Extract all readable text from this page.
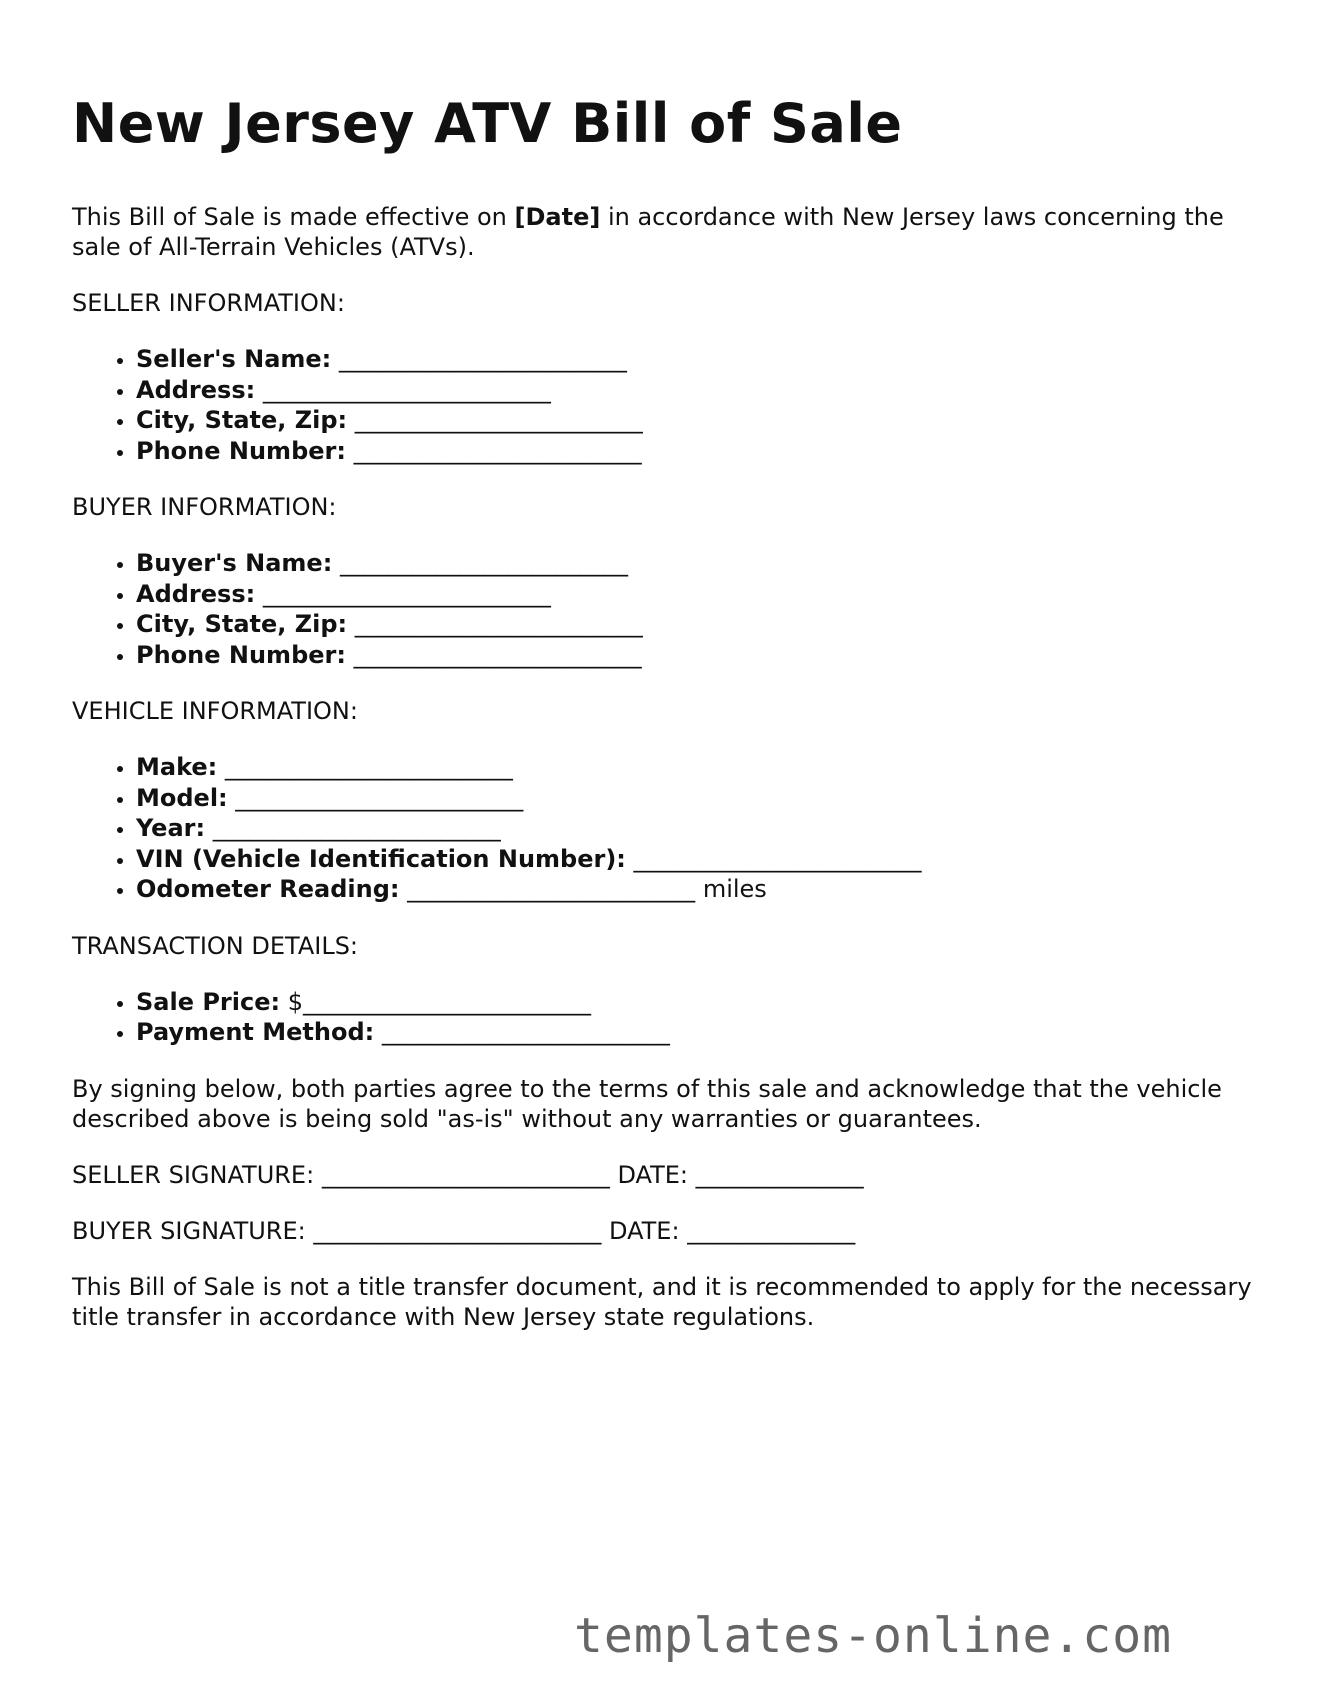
New Jersey ATV Bill of Sale

This Bill of Sale is made effective on [Date] in accordance with New Jersey laws concerning the sale of All-Terrain Vehicles (ATVs).

SELLER INFORMATION:

• Seller's Name: ________________________
• Address: ________________________
• City, State, Zip: ________________________
• Phone Number: ________________________

BUYER INFORMATION:

• Buyer's Name: ________________________
• Address: ________________________
• City, State, Zip: ________________________
• Phone Number: ________________________

VEHICLE INFORMATION:

• Make: ________________________
• Model: ________________________
• Year: ________________________
• VIN (Vehicle Identification Number): ________________________
• Odometer Reading: ________________________ miles

TRANSACTION DETAILS:

• Sale Price: $________________________
• Payment Method: ________________________

By signing below, both parties agree to the terms of this sale and acknowledge that the vehicle described above is being sold "as-is" without any warranties or guarantees.

SELLER SIGNATURE: ________________________ DATE: ______________

BUYER SIGNATURE: ________________________ DATE: ______________

This Bill of Sale is not a title transfer document, and it is recommended to apply for the necessary title transfer in accordance with New Jersey state regulations.

templates-online.com
